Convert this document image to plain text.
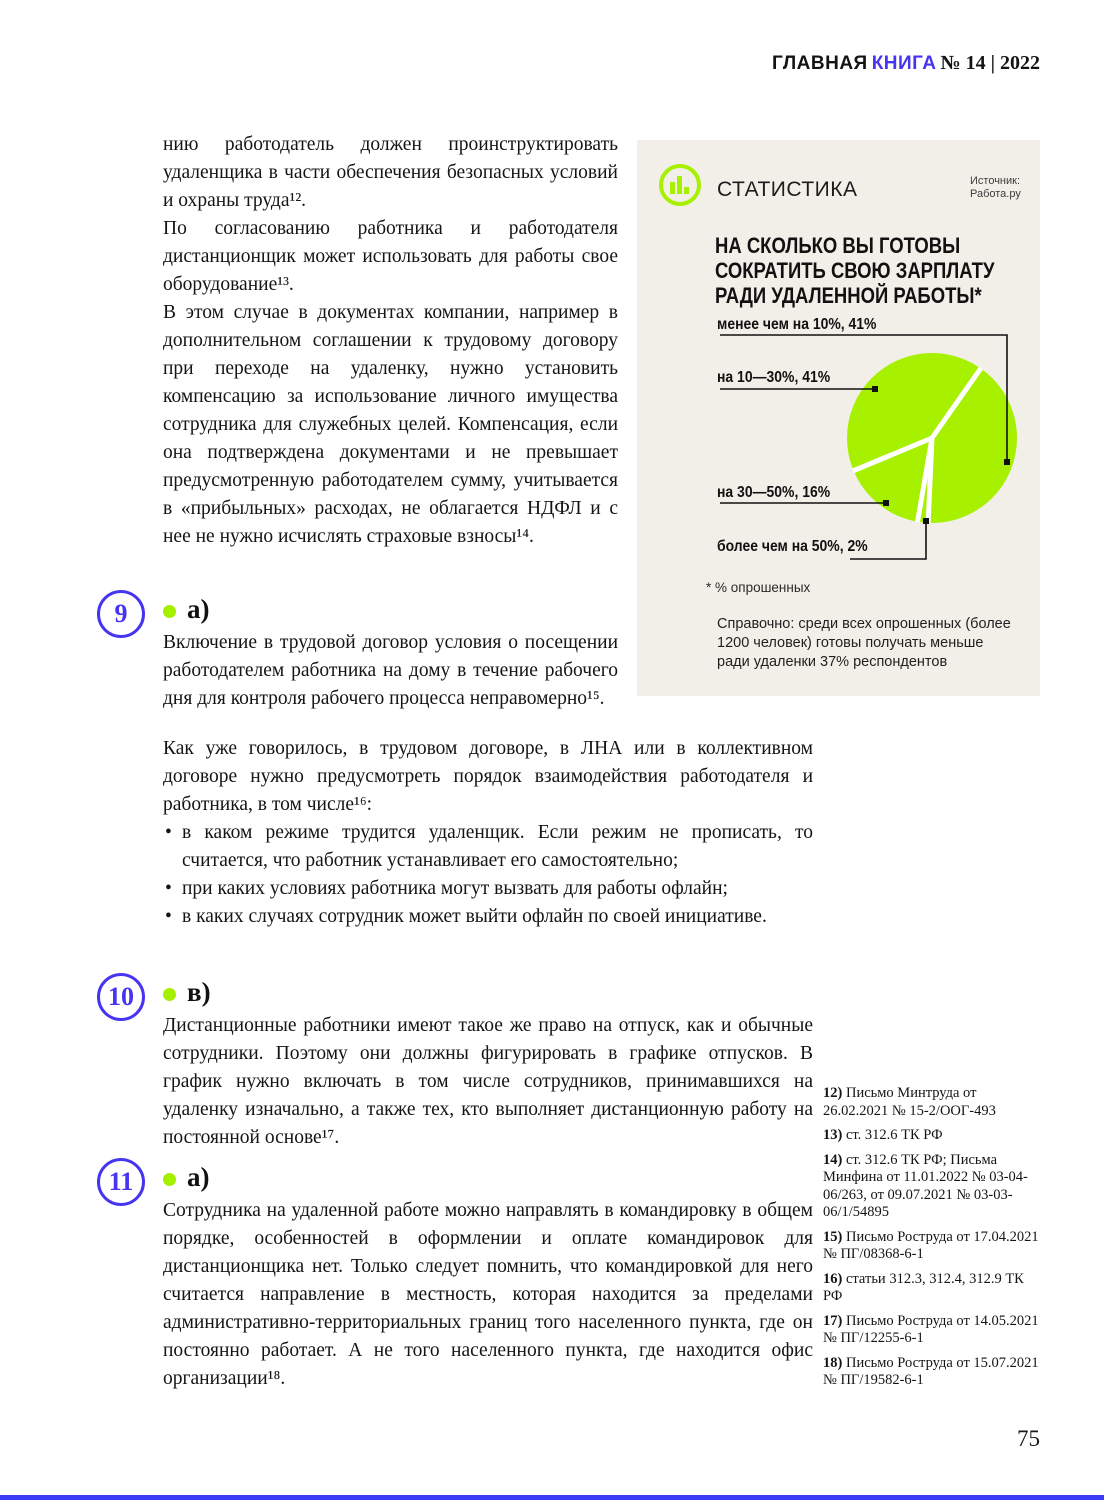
ГЛАВНАЯ КНИГА № 14 | 2022

нию работодатель должен проинструктировать удаленщика в части обеспечения безопасных условий и охраны труда¹².

По согласованию работника и работодателя дистанционщик может использовать для работы свое оборудование¹³.

В этом случае в документах компании, например в дополнительном соглашении к трудовому договору при переходе на удаленку, нужно установить компенсацию за использование личного имущества сотрудника для служебных целей. Компенсация, если она подтверждена документами и не превышает предусмотренную работодателем сумму, учитывается в «прибыльных» расходах, не облагается НДФЛ и с нее не нужно исчислять страховые взносы¹⁴.

СТАТИСТИКА	Источник:
Работа.ру
НА СКОЛЬКО ВЫ ГОТОВЫ
СОКРАТИТЬ СВОЮ ЗАРПЛАТУ
РАДИ УДАЛЕННОЙ РАБОТЫ*
менее чем на 10%, 41%
на 10—30%, 41%
на 30—50%, 16%
более чем на 50%, 2%
* % опрошенных
Справочно: среди всех опрошенных (более 1200 человек) готовы получать меньше ради удаленки 37% респондентов
9	а)

Включение в трудовой договор условия о посещении работодателем работника на дому в течение рабочего дня для контроля рабочего процесса неправомерно¹⁵.

Как уже говорилось, в трудовом договоре, в ЛНА или в коллективном договоре нужно предусмотреть порядок взаимодействия работодателя и работника, в том числе¹⁶:

• в каком режиме трудится удаленщик. Если режим не прописать, то считается, что работник устанавливает его самостоятельно;
• при каких условиях работника могут вызвать для работы офлайн;
• в каких случаях сотрудник может выйти офлайн по своей инициативе.
10	в)

Дистанционные работники имеют такое же право на отпуск, как и обычные сотрудники. Поэтому они должны фигурировать в графике отпусков. В график нужно включать в том числе сотрудников, принимавшихся на удаленку изначально, а также тех, кто выполняет дистанционную работу на постоянной основе¹⁷.

11	а)

Сотрудника на удаленной работе можно направлять в командировку в общем порядке, особенностей в оформлении и оплате командировок для дистанционщика нет. Только следует помнить, что командировкой для него считается направление в местность, которая находится за пределами административно-территориальных границ того населенного пункта, где он постоянно работает. А не того населенного пункта, где находится офис организации¹⁸.

12) Письмо Минтруда от 26.02.2021 № 15-2/ООГ-493

13) ст. 312.6 ТК РФ

14) ст. 312.6 ТК РФ; Письма Минфина от 11.01.2022 № 03-04-06/263, от 09.07.2021 № 03-03-06/1/54895

15) Письмо Роструда от 17.04.2021 № ПГ/08368-6-1

16) статьи 312.3, 312.4, 312.9 ТК РФ

17) Письмо Роструда от 14.05.2021 № ПГ/12255-6-1

18) Письмо Роструда от 15.07.2021 № ПГ/19582-6-1

75
